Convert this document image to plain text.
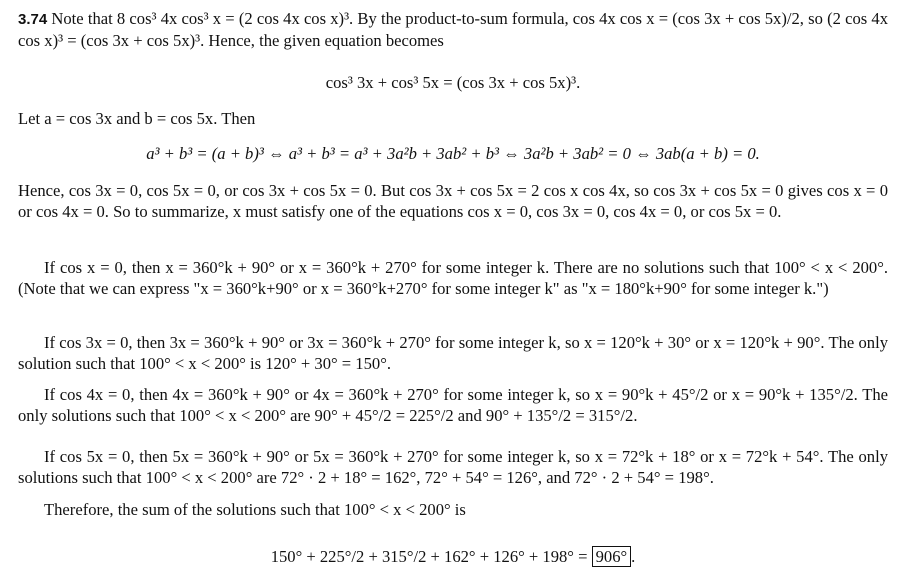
3.74 Note that 8 cos³ 4x cos³ x = (2 cos 4x cos x)³. By the product-to-sum formula, cos 4x cos x = (cos 3x + cos 5x)/2, so (2 cos 4x cos x)³ = (cos 3x + cos 5x)³. Hence, the given equation becomes

cos³ 3x + cos³ 5x = (cos 3x + cos 5x)³.

Let a = cos 3x and b = cos 5x. Then

a³ + b³ = (a + b)³ ⇔ a³ + b³ = a³ + 3a²b + 3ab² + b³ ⇔ 3a²b + 3ab² = 0 ⇔ 3ab(a + b) = 0.

Hence, cos 3x = 0, cos 5x = 0, or cos 3x + cos 5x = 0. But cos 3x + cos 5x = 2 cos x cos 4x, so cos 3x + cos 5x = 0 gives cos x = 0 or cos 4x = 0. So to summarize, x must satisfy one of the equations cos x = 0, cos 3x = 0, cos 4x = 0, or cos 5x = 0.

If cos x = 0, then x = 360°k + 90° or x = 360°k + 270° for some integer k. There are no solutions such that 100° < x < 200°. (Note that we can express "x = 360°k+90° or x = 360°k+270° for some integer k" as "x = 180°k+90° for some integer k.")

If cos 3x = 0, then 3x = 360°k + 90° or 3x = 360°k + 270° for some integer k, so x = 120°k + 30° or x = 120°k + 90°. The only solution such that 100° < x < 200° is 120° + 30° = 150°.

If cos 4x = 0, then 4x = 360°k + 90° or 4x = 360°k + 270° for some integer k, so x = 90°k + 45°/2 or x = 90°k + 135°/2. The only solutions such that 100° < x < 200° are 90° + 45°/2 = 225°/2 and 90° + 135°/2 = 315°/2.

If cos 5x = 0, then 5x = 360°k + 90° or 5x = 360°k + 270° for some integer k, so x = 72°k + 18° or x = 72°k + 54°. The only solutions such that 100° < x < 200° are 72° · 2 + 18° = 162°, 72° + 54° = 126°, and 72° · 2 + 54° = 198°.

Therefore, the sum of the solutions such that 100° < x < 200° is

150° + 225°/2 + 315°/2 + 162° + 126° + 198° = 906° .
